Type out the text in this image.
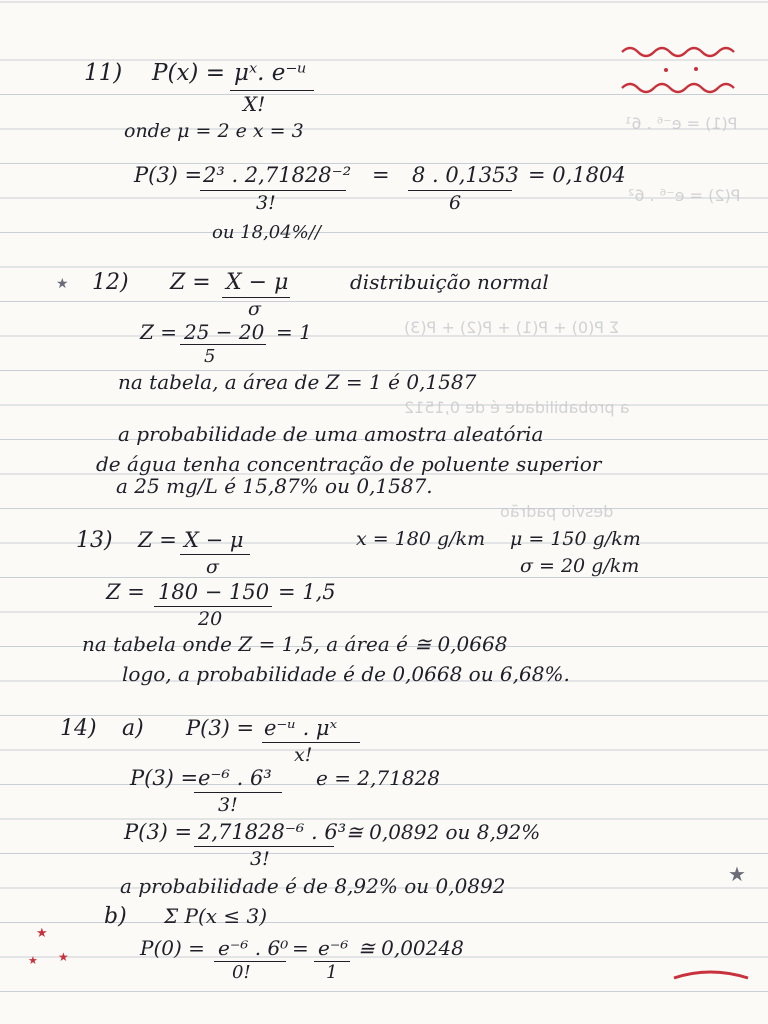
★
★
★
★ ★
P(1) = e⁻⁶ . 6¹
P(2) = e⁻⁶ . 6²
Σ P(0) + P(1) + P(2) + P(3)
a probabilidade é de 0,1512
desvio padrão
11) P(x) = μˣ. e⁻ᵘ
X!
onde μ = 2 e x = 3
P(3) = 2³ . 2,71828⁻²
3!
= 8 . 0,1353
6
= 0,1804
ou 18,04%//
12) Z = X − μ
σ
distribuição normal
Z = 25 − 20 = 1
5
na tabela, a área de Z = 1 é 0,1587
a probabilidade de uma amostra aleatória
de água tenha concentração de poluente superior
a 25 mg/L é 15,87% ou 0,1587.
13) Z = X − μ
σ
x = 180 g/km μ = 150 g/km
σ = 20 g/km
Z = 180 − 150 = 1,5
20
na tabela onde Z = 1,5, a área é ≅ 0,0668
logo, a probabilidade é de 0,0668 ou 6,68%.
14) a) P(3) = e⁻ᵘ . μˣ
x!
P(3) = e⁻⁶ . 6³
3!
e = 2,71828
P(3) = 2,71828⁻⁶ . 6³
3!
≅ 0,0892 ou 8,92%
a probabilidade é de 8,92% ou 0,0892
b) Σ P(x ≤ 3)
P(0) = e⁻⁶ . 6⁰ = e⁻⁶ ≅ 0,00248
0!	1
